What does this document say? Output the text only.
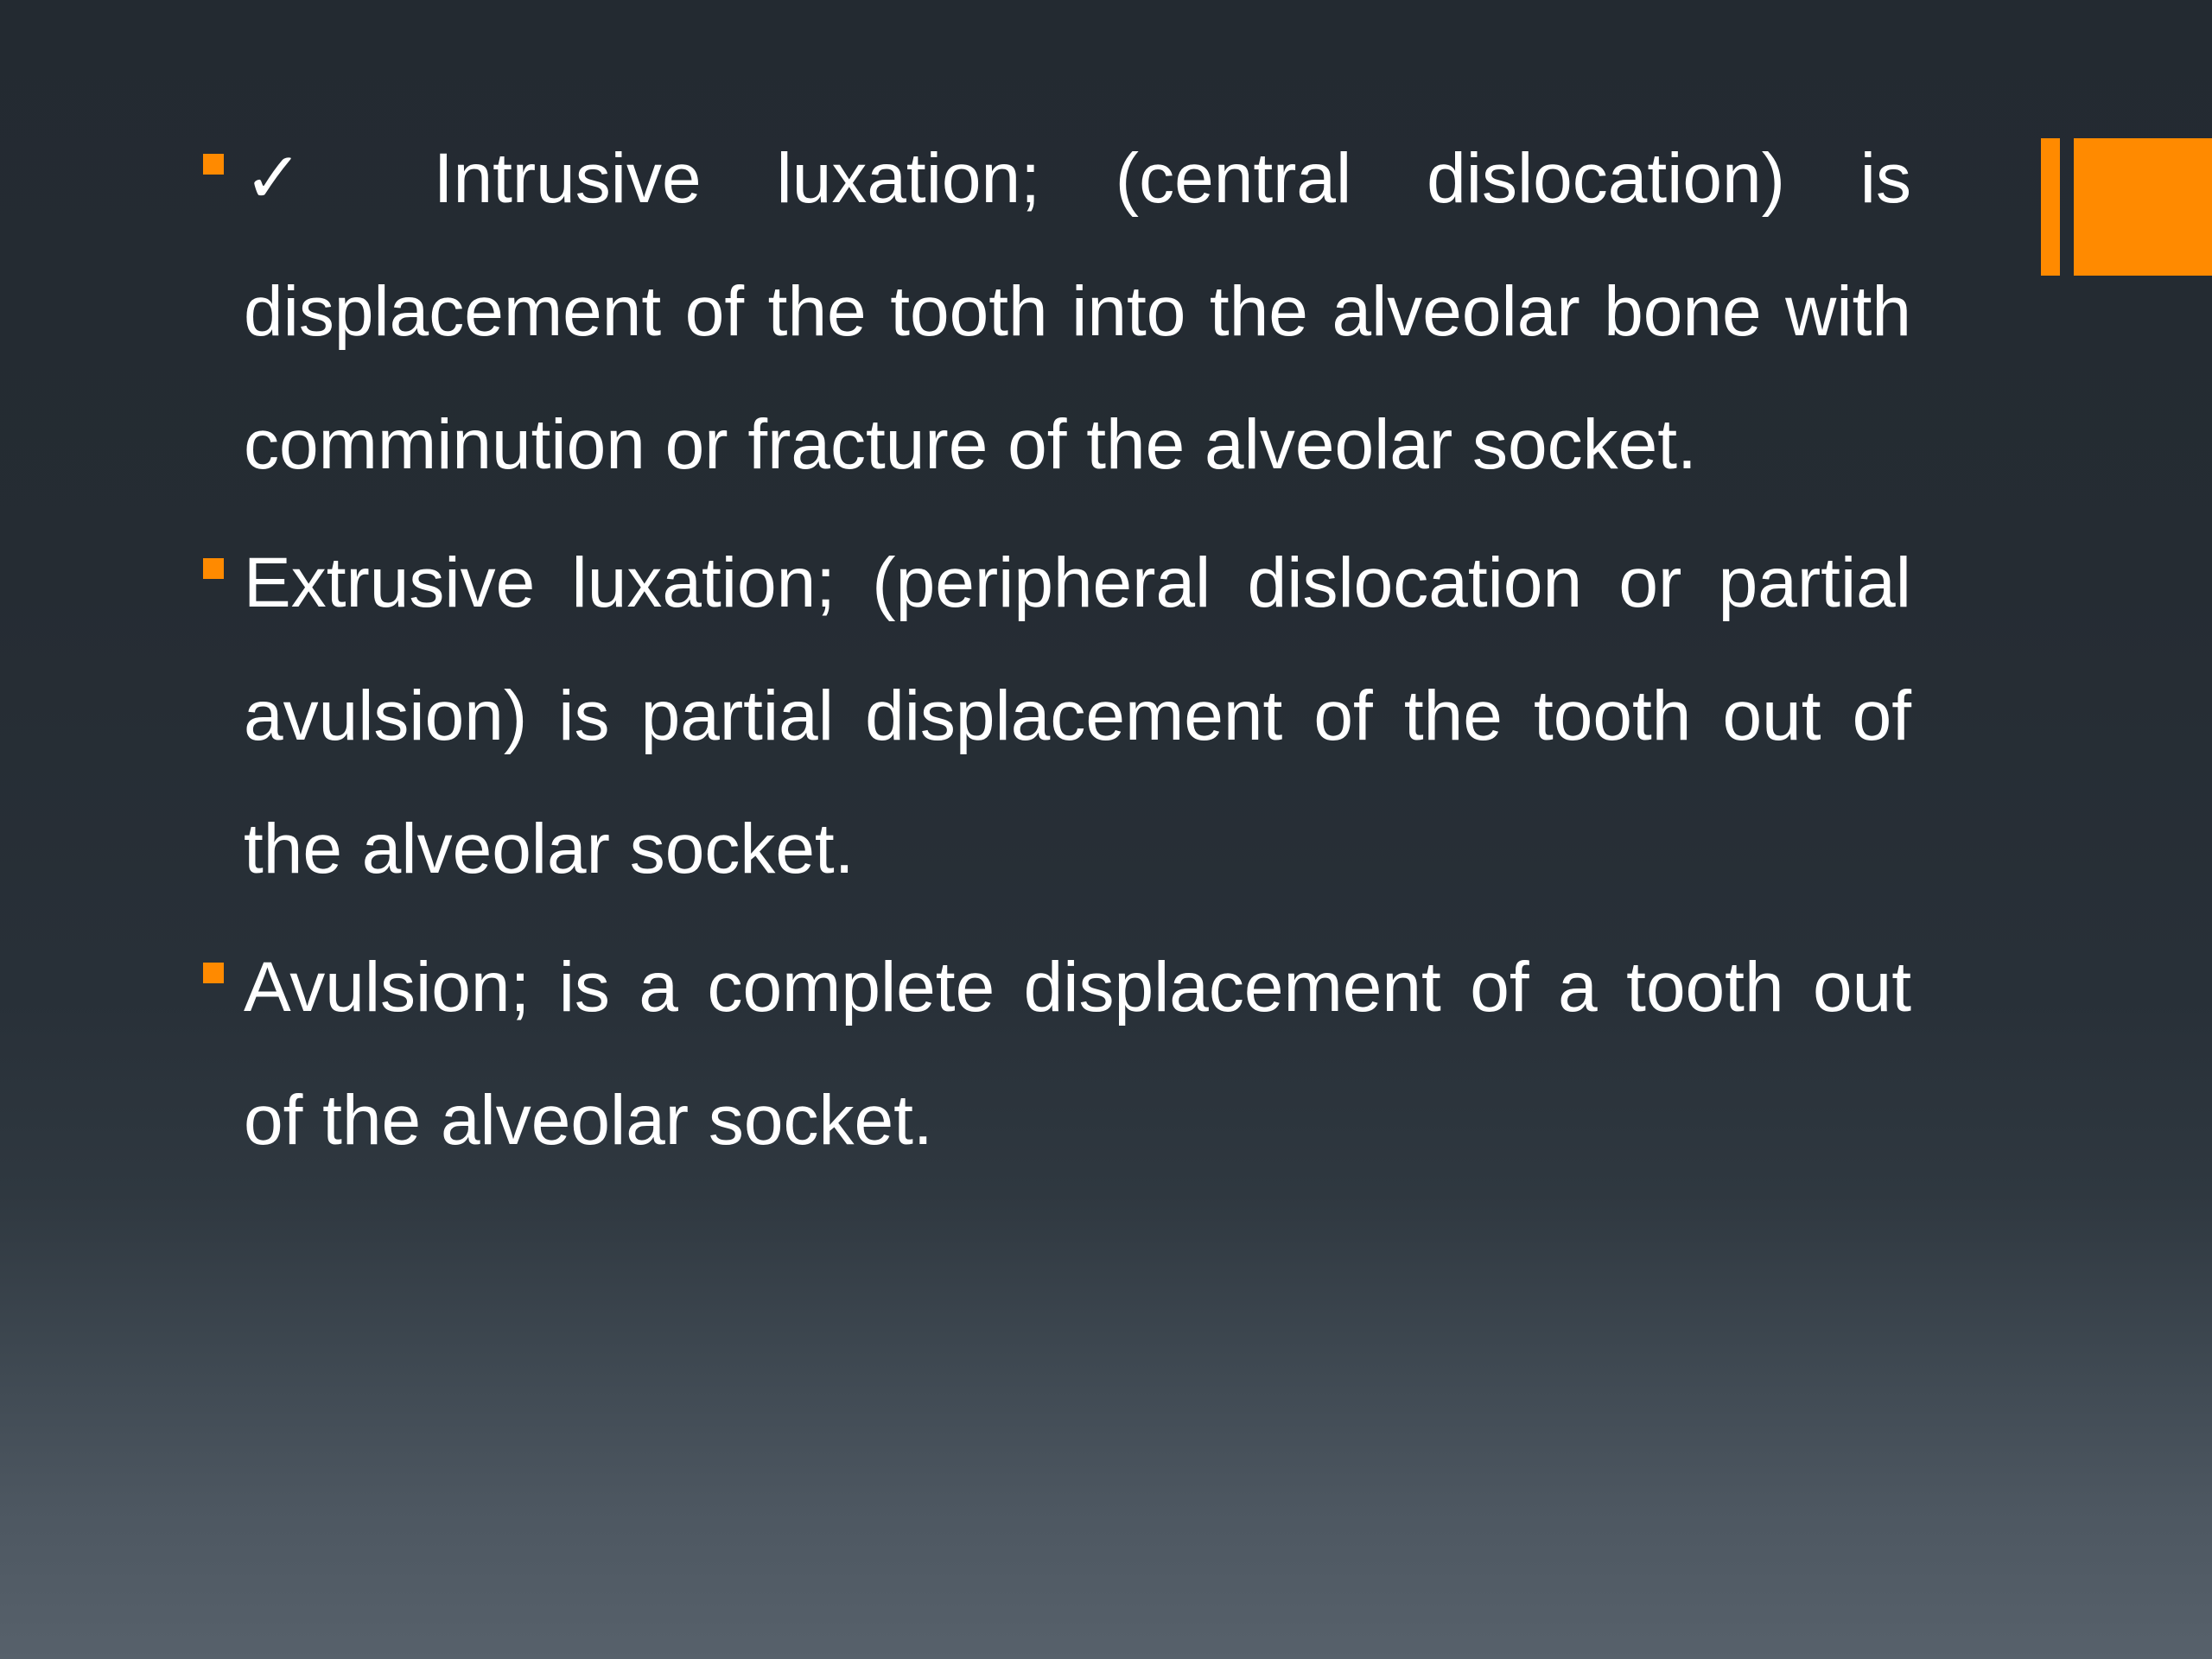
✓ Intrusive luxation; (central dislocation) is displacement of the tooth into the alveolar bone with comminution or fracture of the alveolar socket.
Extrusive luxation; (peripheral dislocation or partial avulsion) is partial displacement of the tooth out of the alveolar socket.
Avulsion; is a complete displacement of a tooth out of the alveolar socket.
